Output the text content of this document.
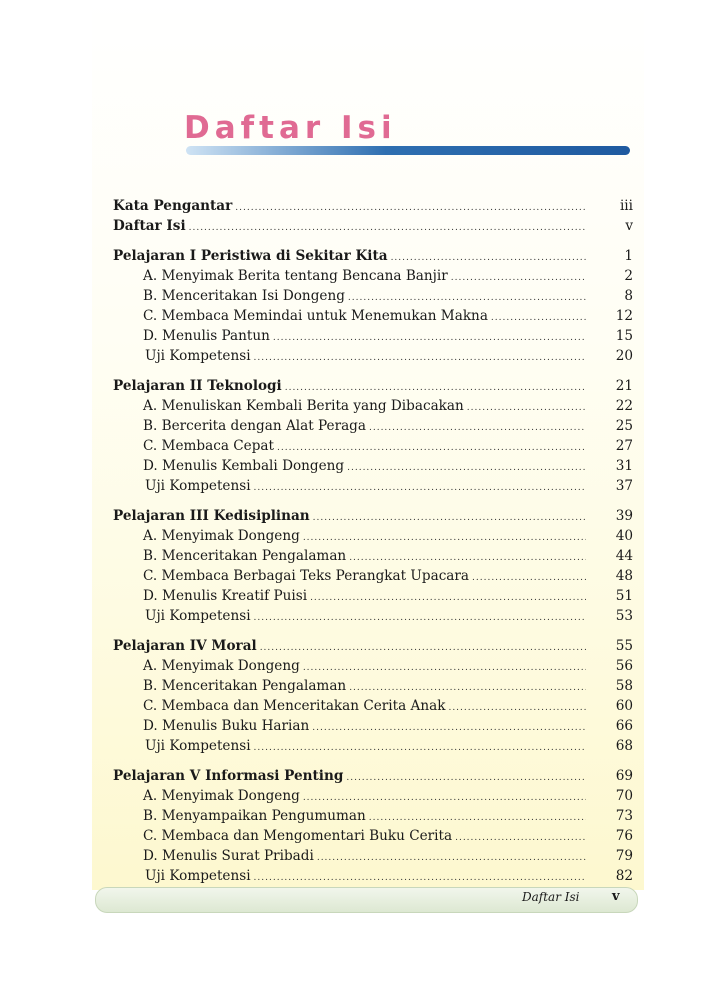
Daftar Isi
Kata Pengantar .....	iii
Daftar Isi .....	v
Pelajaran I Peristiwa di Sekitar Kita .....	1
A. Menyimak Berita tentang Bencana Banjir .....	2
B. Menceritakan Isi Dongeng .....	8
C. Membaca Memindai untuk Menemukan Makna .....	12
D. Menulis Pantun .....	15
Uji Kompetensi .....	20
Pelajaran II Teknologi .....	21
A. Menuliskan Kembali Berita yang Dibacakan .....	22
B. Bercerita dengan Alat Peraga .....	25
C. Membaca Cepat .....	27
D. Menulis Kembali Dongeng .....	31
Uji Kompetensi .....	37
Pelajaran III Kedisiplinan .....	39
A. Menyimak Dongeng .....	40
B. Menceritakan Pengalaman .....	44
C. Membaca Berbagai Teks Perangkat Upacara .....	48
D. Menulis Kreatif Puisi .....	51
Uji Kompetensi .....	53
Pelajaran IV Moral .....	55
A. Menyimak Dongeng .....	56
B. Menceritakan Pengalaman .....	58
C. Membaca dan Menceritakan Cerita Anak .....	60
D. Menulis Buku Harian .....	66
Uji Kompetensi .....	68
Pelajaran V Informasi Penting .....	69
A. Menyimak Dongeng .....	70
B. Menyampaikan Pengumuman .....	73
C. Membaca dan Mengomentari Buku Cerita .....	76
D. Menulis Surat Pribadi .....	79
Uji Kompetensi .....	82
Daftar Isi	v
